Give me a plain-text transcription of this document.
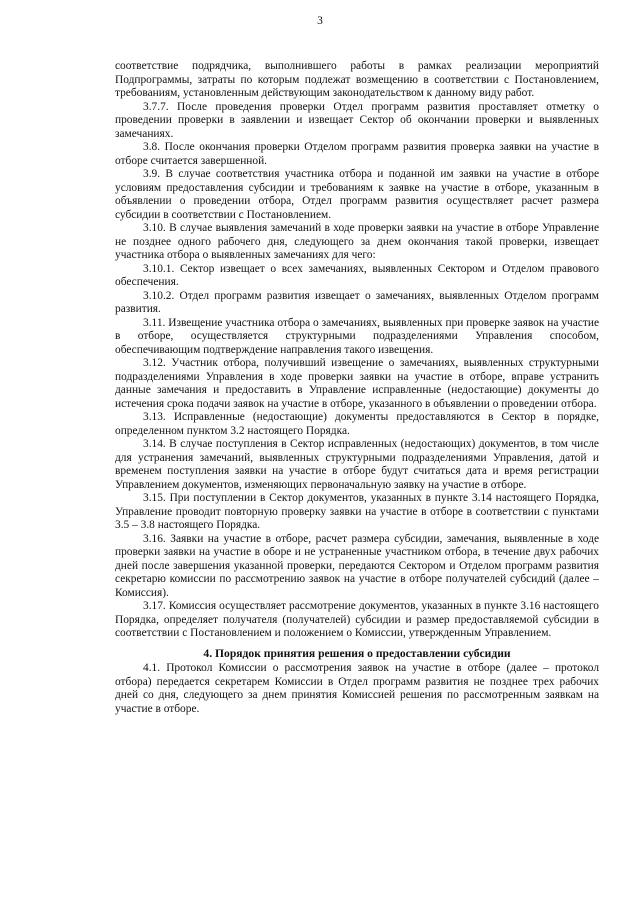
3

соответствие подрядчика, выполнившего работы в рамках реализации мероприятий Подпрограммы, затраты по которым подлежат возмещению в соответствии с Постановлением, требованиям, установленным действующим законодательством к данному виду работ.

3.7.7. После проведения проверки Отдел программ развития проставляет отметку о проведении проверки в заявлении и извещает Сектор об окончании проверки и выявленных замечаниях.

3.8. После окончания проверки Отделом программ развития проверка заявки на участие в отборе считается завершенной.

3.9. В случае соответствия участника отбора и поданной им заявки на участие в отборе условиям предоставления субсидии и требованиям к заявке на участие в отборе, указанным в объявлении о проведении отбора, Отдел программ развития осуществляет расчет размера субсидии в соответствии с Постановлением.

3.10. В случае выявления замечаний в ходе проверки заявки на участие в отборе Управление не позднее одного рабочего дня, следующего за днем окончания такой проверки, извещает участника отбора о выявленных замечаниях для чего:

3.10.1. Сектор извещает о всех замечаниях, выявленных Сектором и Отделом правового обеспечения.

3.10.2. Отдел программ развития извещает о замечаниях, выявленных Отделом программ развития.

3.11. Извещение участника отбора о замечаниях, выявленных при проверке заявок на участие в отборе, осуществляется структурными подразделениями Управления способом, обеспечивающим подтверждение направления такого извещения.

3.12. Участник отбора, получивший извещение о замечаниях, выявленных структурными подразделениями Управления в ходе проверки заявки на участие в отборе, вправе устранить данные замечания и предоставить в Управление исправленные (недостающие) документы до истечения срока подачи заявок на участие в отборе, указанного в объявлении о проведении отбора.

3.13. Исправленные (недостающие) документы предоставляются в Сектор в порядке, определенном пунктом 3.2 настоящего Порядка.

3.14. В случае поступления в Сектор исправленных (недостающих) документов, в том числе для устранения замечаний, выявленных структурными подразделениями Управления, датой и временем поступления заявки на участие в отборе будут считаться дата и время регистрации Управлением документов, изменяющих первоначальную заявку на участие в отборе.

3.15. При поступлении в Сектор документов, указанных в пункте 3.14 настоящего Порядка, Управление проводит повторную проверку заявки на участие в отборе в соответствии с пунктами 3.5 – 3.8 настоящего Порядка.

3.16. Заявки на участие в отборе, расчет размера субсидии, замечания, выявленные в ходе проверки заявки на участие в оборе и не устраненные участником отбора, в течение двух рабочих дней после завершения указанной проверки, передаются Сектором и Отделом программ развития секретарю комиссии по рассмотрению заявок на участие в отборе получателей субсидий (далее – Комиссия).

3.17. Комиссия осуществляет рассмотрение документов, указанных в пункте 3.16 настоящего Порядка, определяет получателя (получателей) субсидии и размер предоставляемой субсидии в соответствии с Постановлением и положением о Комиссии, утвержденным Управлением.

4. Порядок принятия решения о предоставлении субсидии

4.1. Протокол Комиссии о рассмотрения заявок на участие в отборе (далее – протокол отбора) передается секретарем Комиссии в Отдел программ развития не позднее трех рабочих дней со дня, следующего за днем принятия Комиссией решения по рассмотренным заявкам на участие в отборе.
